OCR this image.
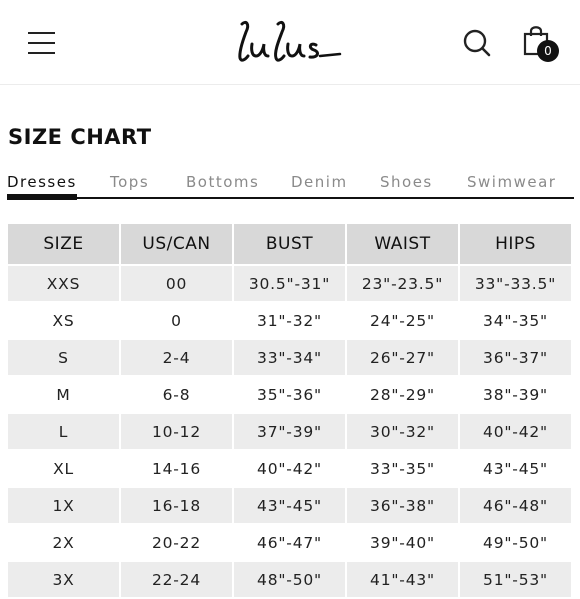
0
SIZE CHART
Dresses Tops Bottoms Denim Shoes Swimwear
SIZE	US/CAN	BUST	WAIST	HIPS
XXS	00	30.5"-31"	23"-23.5"	33"-33.5"
XS	0	31"-32"	24"-25"	34"-35"
S	2-4	33"-34"	26"-27"	36"-37"
M	6-8	35"-36"	28"-29"	38"-39"
L	10-12	37"-39"	30"-32"	40"-42"
XL	14-16	40"-42"	33"-35"	43"-45"
1X	16-18	43"-45"	36"-38"	46"-48"
2X	20-22	46"-47"	39"-40"	49"-50"
3X	22-24	48"-50"	41"-43"	51"-53"
